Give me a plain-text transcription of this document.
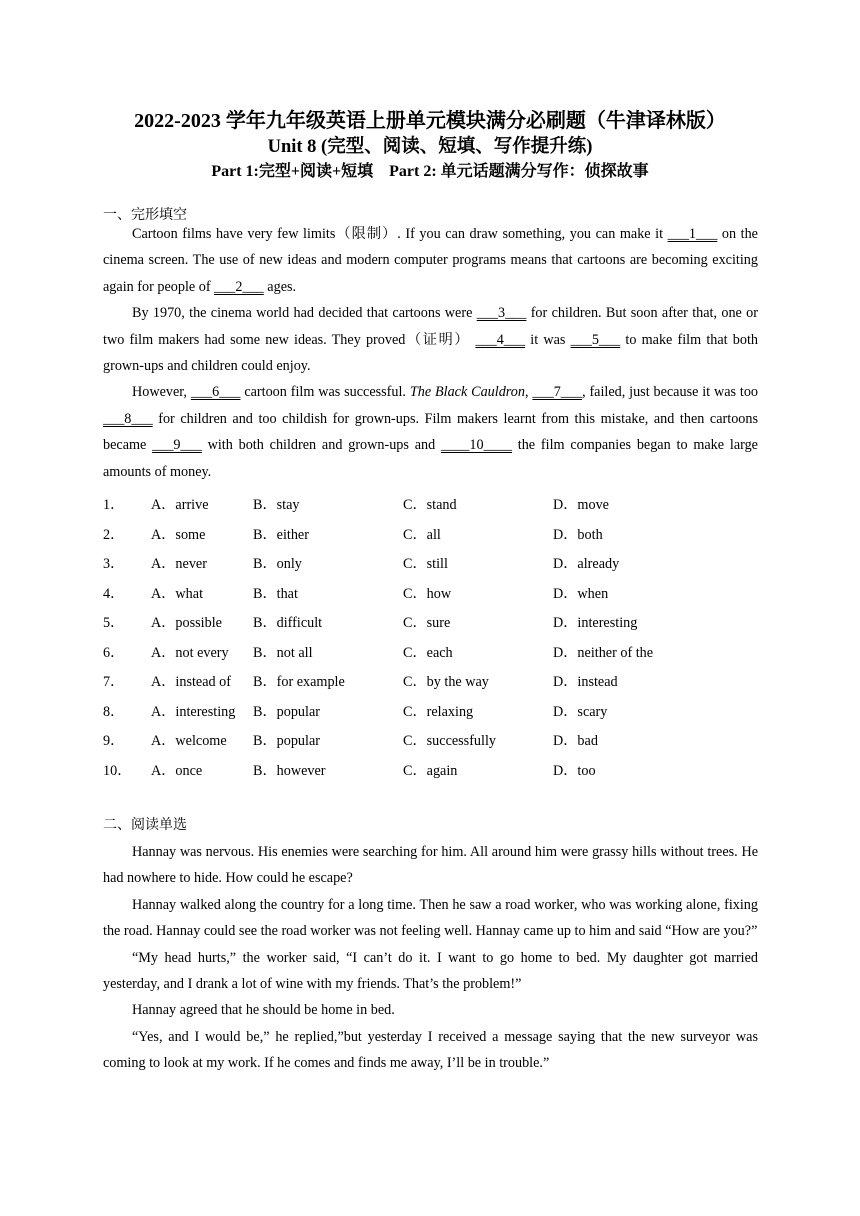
2022-2023 学年九年级英语上册单元模块满分必刷题（牛津译林版）
Unit 8 (完型、阅读、短填、写作提升练)
Part 1:完型+阅读+短填　Part 2: 单元话题满分写作：侦探故事
一、完形填空

Cartoon films have very few limits（限制）. If you can draw something, you can make it ___1___ on the cinema screen. The use of new ideas and modern computer programs means that cartoons are becoming exciting again for people of ___2___ ages.

By 1970, the cinema world had decided that cartoons were ___3___ for children. But soon after that, one or two film makers had some new ideas. They proved（证明） ___4___ it was ___5___ to make film that both grown-ups and children could enjoy.

However, ___6___ cartoon film was successful. The Black Cauldron, ___7___, failed, just because it was too ___8___ for children and too childish for grown-ups. Film makers learnt from this mistake, and then cartoons became ___9___ with both children and grown-ups and ____10____ the film companies began to make large amounts of money.

1． A．arrive	B．stay	C．stand	D．move
2． A．some	B．either	C．all	D．both
3． A．never	B．only	C．still	D．already
4． A．what	B．that	C．how	D．when
5． A．possible B．difficult	C．sure	D．interesting
6． A．not every B．not all	C．each	D．neither of the
7． A．instead of B．for example	C．by the way	D．instead
8． A．interesting B．popular	C．relaxing	D．scary
9． A．welcome B．popular	C．successfully	D．bad
10． A．once	B．however	C．again	D．too
二、阅读单选

Hannay was nervous. His enemies were searching for him. All around him were grassy hills without trees. He had nowhere to hide. How could he escape?

Hannay walked along the country for a long time. Then he saw a road worker, who was working alone, fixing the road. Hannay could see the road worker was not feeling well. Hannay came up to him and said “How are you?”

“My head hurts,” the worker said, “I can’t do it. I want to go home to bed. My daughter got married yesterday, and I drank a lot of wine with my friends. That’s the problem!”

Hannay agreed that he should be home in bed.

“Yes, and I would be,” he replied,”but yesterday I received a message saying that the new surveyor was coming to look at my work. If he comes and finds me away, I’ll be in trouble.”
